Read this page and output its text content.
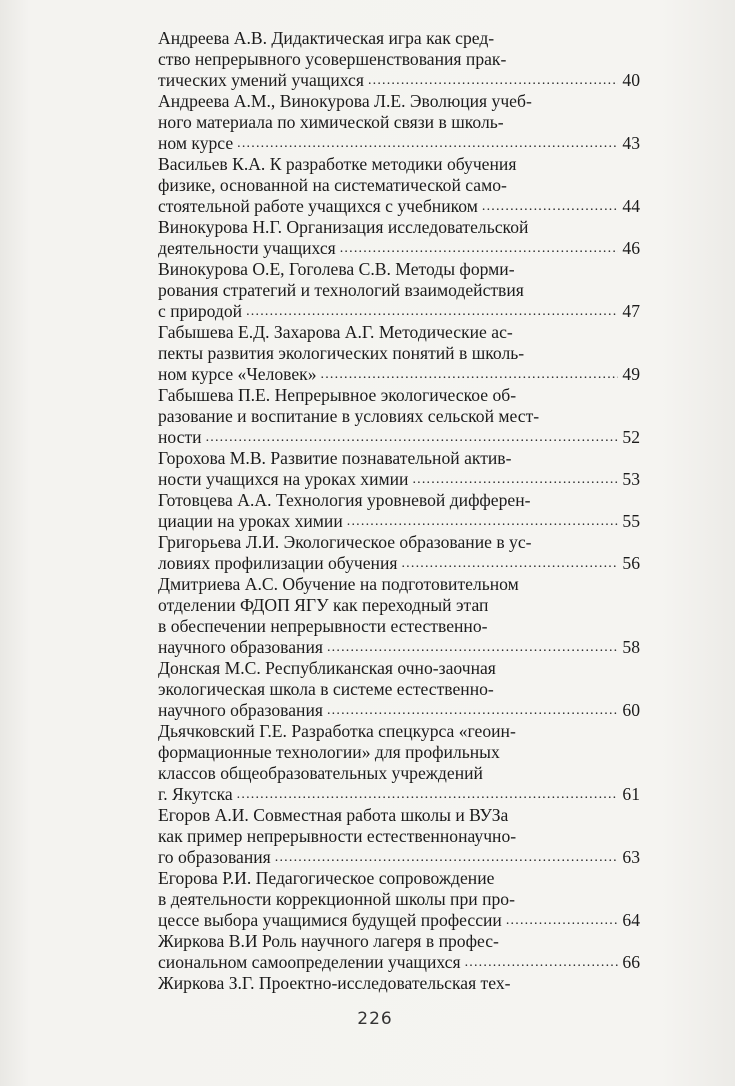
Андреева А.В. Дидактическая игра как сред-
ство непрерывного усовершенствования прак-
тических умений учащихся .....	40
Андреева А.М., Винокурова Л.Е. Эволюция учеб-
ного материала по химической связи в школь-
ном курсе .....	43
Васильев К.А. К разработке методики обучения
физике, основанной на систематической само-
стоятельной работе учащихся с учебником .....	44
Винокурова Н.Г. Организация исследовательской
деятельности учащихся .....	46
Винокурова О.Е, Гоголева С.В. Методы форми-
рования стратегий и технологий взаимодействия
с природой .....	47
Габышева Е.Д. Захарова А.Г. Методические ас-
пекты развития экологических понятий в школь-
ном курсе «Человек» .....	49
Габышева П.Е. Непрерывное экологическое об-
разование и воспитание в условиях сельской мест-
ности .....	52
Горохова М.В. Развитие познавательной актив-
ности учащихся на уроках химии .....	53
Готовцева А.А. Технология уровневой дифферен-
циации на уроках химии .....	55
Григорьева Л.И. Экологическое образование в ус-
ловиях профилизации обучения .....	56
Дмитриева А.С. Обучение на подготовительном
отделении ФДОП ЯГУ как переходный этап
в обеспечении непрерывности естественно-
научного образования .....	58
Донская М.С. Республиканская очно-заочная
экологическая школа в системе естественно-
научного образования .....	60
Дьячковский Г.Е. Разработка спецкурса «геоин-
формационные технологии» для профильных
классов общеобразовательных учреждений
г. Якутска .....	61
Егоров А.И. Совместная работа школы и ВУЗа
как пример непрерывности естественнонаучно-
го образования .....	63
Егорова Р.И. Педагогическое сопровождение
в деятельности коррекционной школы при про-
цессе выбора учащимися будущей профессии .....	64
Жиркова В.И Роль научного лагеря в профес-
сиональном самоопределении учащихся .....	66
Жиркова З.Г. Проектно-исследовательская тех-
226
